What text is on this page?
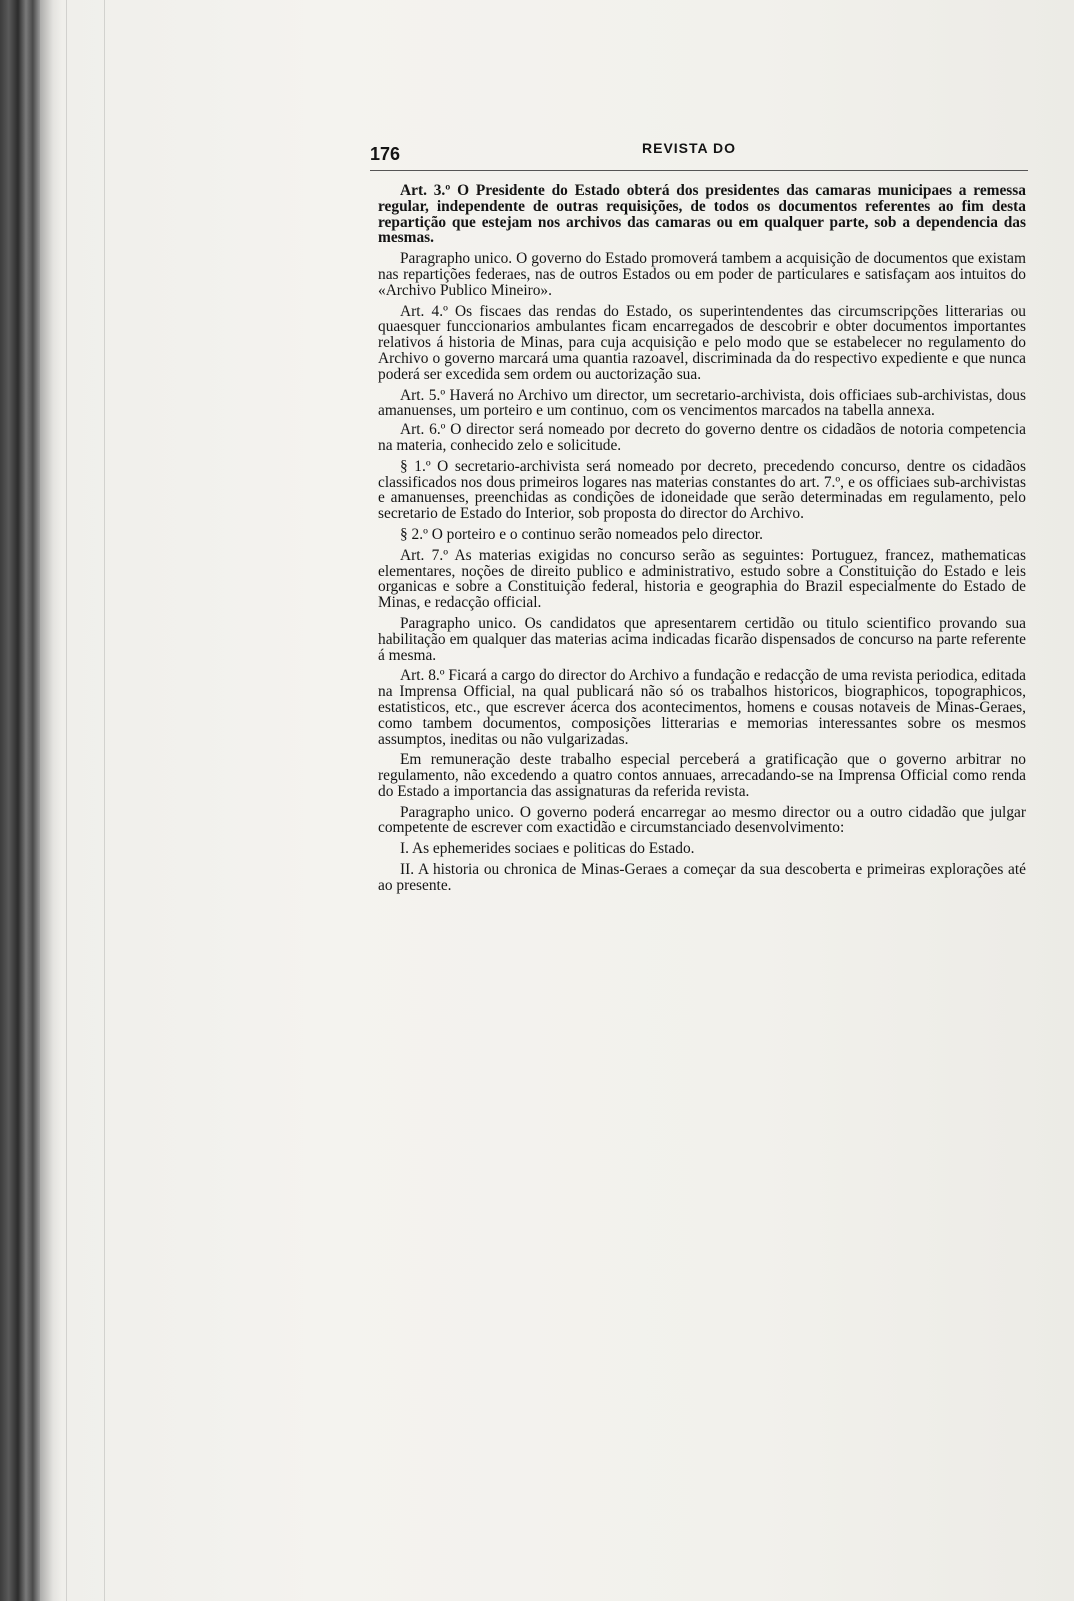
176	REVISTA DO

Art. 3.º O Presidente do Estado obterá dos presidentes das camaras municipaes a remessa regular, independente de outras requisições, de todos os documentos referentes ao fim desta repartição que estejam nos archivos das camaras ou em qualquer parte, sob a dependencia das mesmas.

Paragrapho unico. O governo do Estado promoverá tambem a acquisição de documentos que existam nas repartições federaes, nas de outros Estados ou em poder de particulares e satisfaçam aos intuitos do «Archivo Publico Mineiro».

Art. 4.º Os fiscaes das rendas do Estado, os superintendentes das circumscripções litterarias ou quaesquer funccionarios ambulantes ficam encarregados de descobrir e obter documentos importantes relativos á historia de Minas, para cuja acquisição e pelo modo que se estabelecer no regulamento do Archivo o governo marcará uma quantia razoavel, discriminada da do respectivo expediente e que nunca poderá ser excedida sem ordem ou auctorização sua.

Art. 5.º Haverá no Archivo um director, um secretario-archivista, dois officiaes sub-archivistas, dous amanuenses, um porteiro e um continuo, com os vencimentos marcados na tabella annexa.

Art. 6.º O director será nomeado por decreto do governo dentre os cidadãos de notoria competencia na materia, conhecido zelo e solicitude.

§ 1.º O secretario-archivista será nomeado por decreto, precedendo concurso, dentre os cidadãos classificados nos dous primeiros logares nas materias constantes do art. 7.º, e os officiaes sub-archivistas e amanuenses, preenchidas as condições de idoneidade que serão determinadas em regulamento, pelo secretario de Estado do Interior, sob proposta do director do Archivo.

§ 2.º O porteiro e o continuo serão nomeados pelo director.

Art. 7.º As materias exigidas no concurso serão as seguintes: Portuguez, francez, mathematicas elementares, noções de direito publico e administrativo, estudo sobre a Constituição do Estado e leis organicas e sobre a Constituição federal, historia e geographia do Brazil especialmente do Estado de Minas, e redacção official.

Paragrapho unico. Os candidatos que apresentarem certidão ou titulo scientifico provando sua habilitação em qualquer das materias acima indicadas ficarão dispensados de concurso na parte referente á mesma.

Art. 8.º Ficará a cargo do director do Archivo a fundação e redacção de uma revista periodica, editada na Imprensa Official, na qual publicará não só os trabalhos historicos, biographicos, topographicos, estatisticos, etc., que escrever ácerca dos acontecimentos, homens e cousas notaveis de Minas-Geraes, como tambem documentos, composições litterarias e memorias interessantes sobre os mesmos assumptos, ineditas ou não vulgarizadas.

Em remuneração deste trabalho especial perceberá a gratificação que o governo arbitrar no regulamento, não excedendo a quatro contos annuaes, arrecadando-se na Imprensa Official como renda do Estado a importancia das assignaturas da referida revista.

Paragrapho unico. O governo poderá encarregar ao mesmo director ou a outro cidadão que julgar competente de escrever com exactidão e circumstanciado desenvolvimento:

I. As ephemerides sociaes e politicas do Estado.

II. A historia ou chronica de Minas-Geraes a começar da sua descoberta e primeiras explorações até ao presente.
